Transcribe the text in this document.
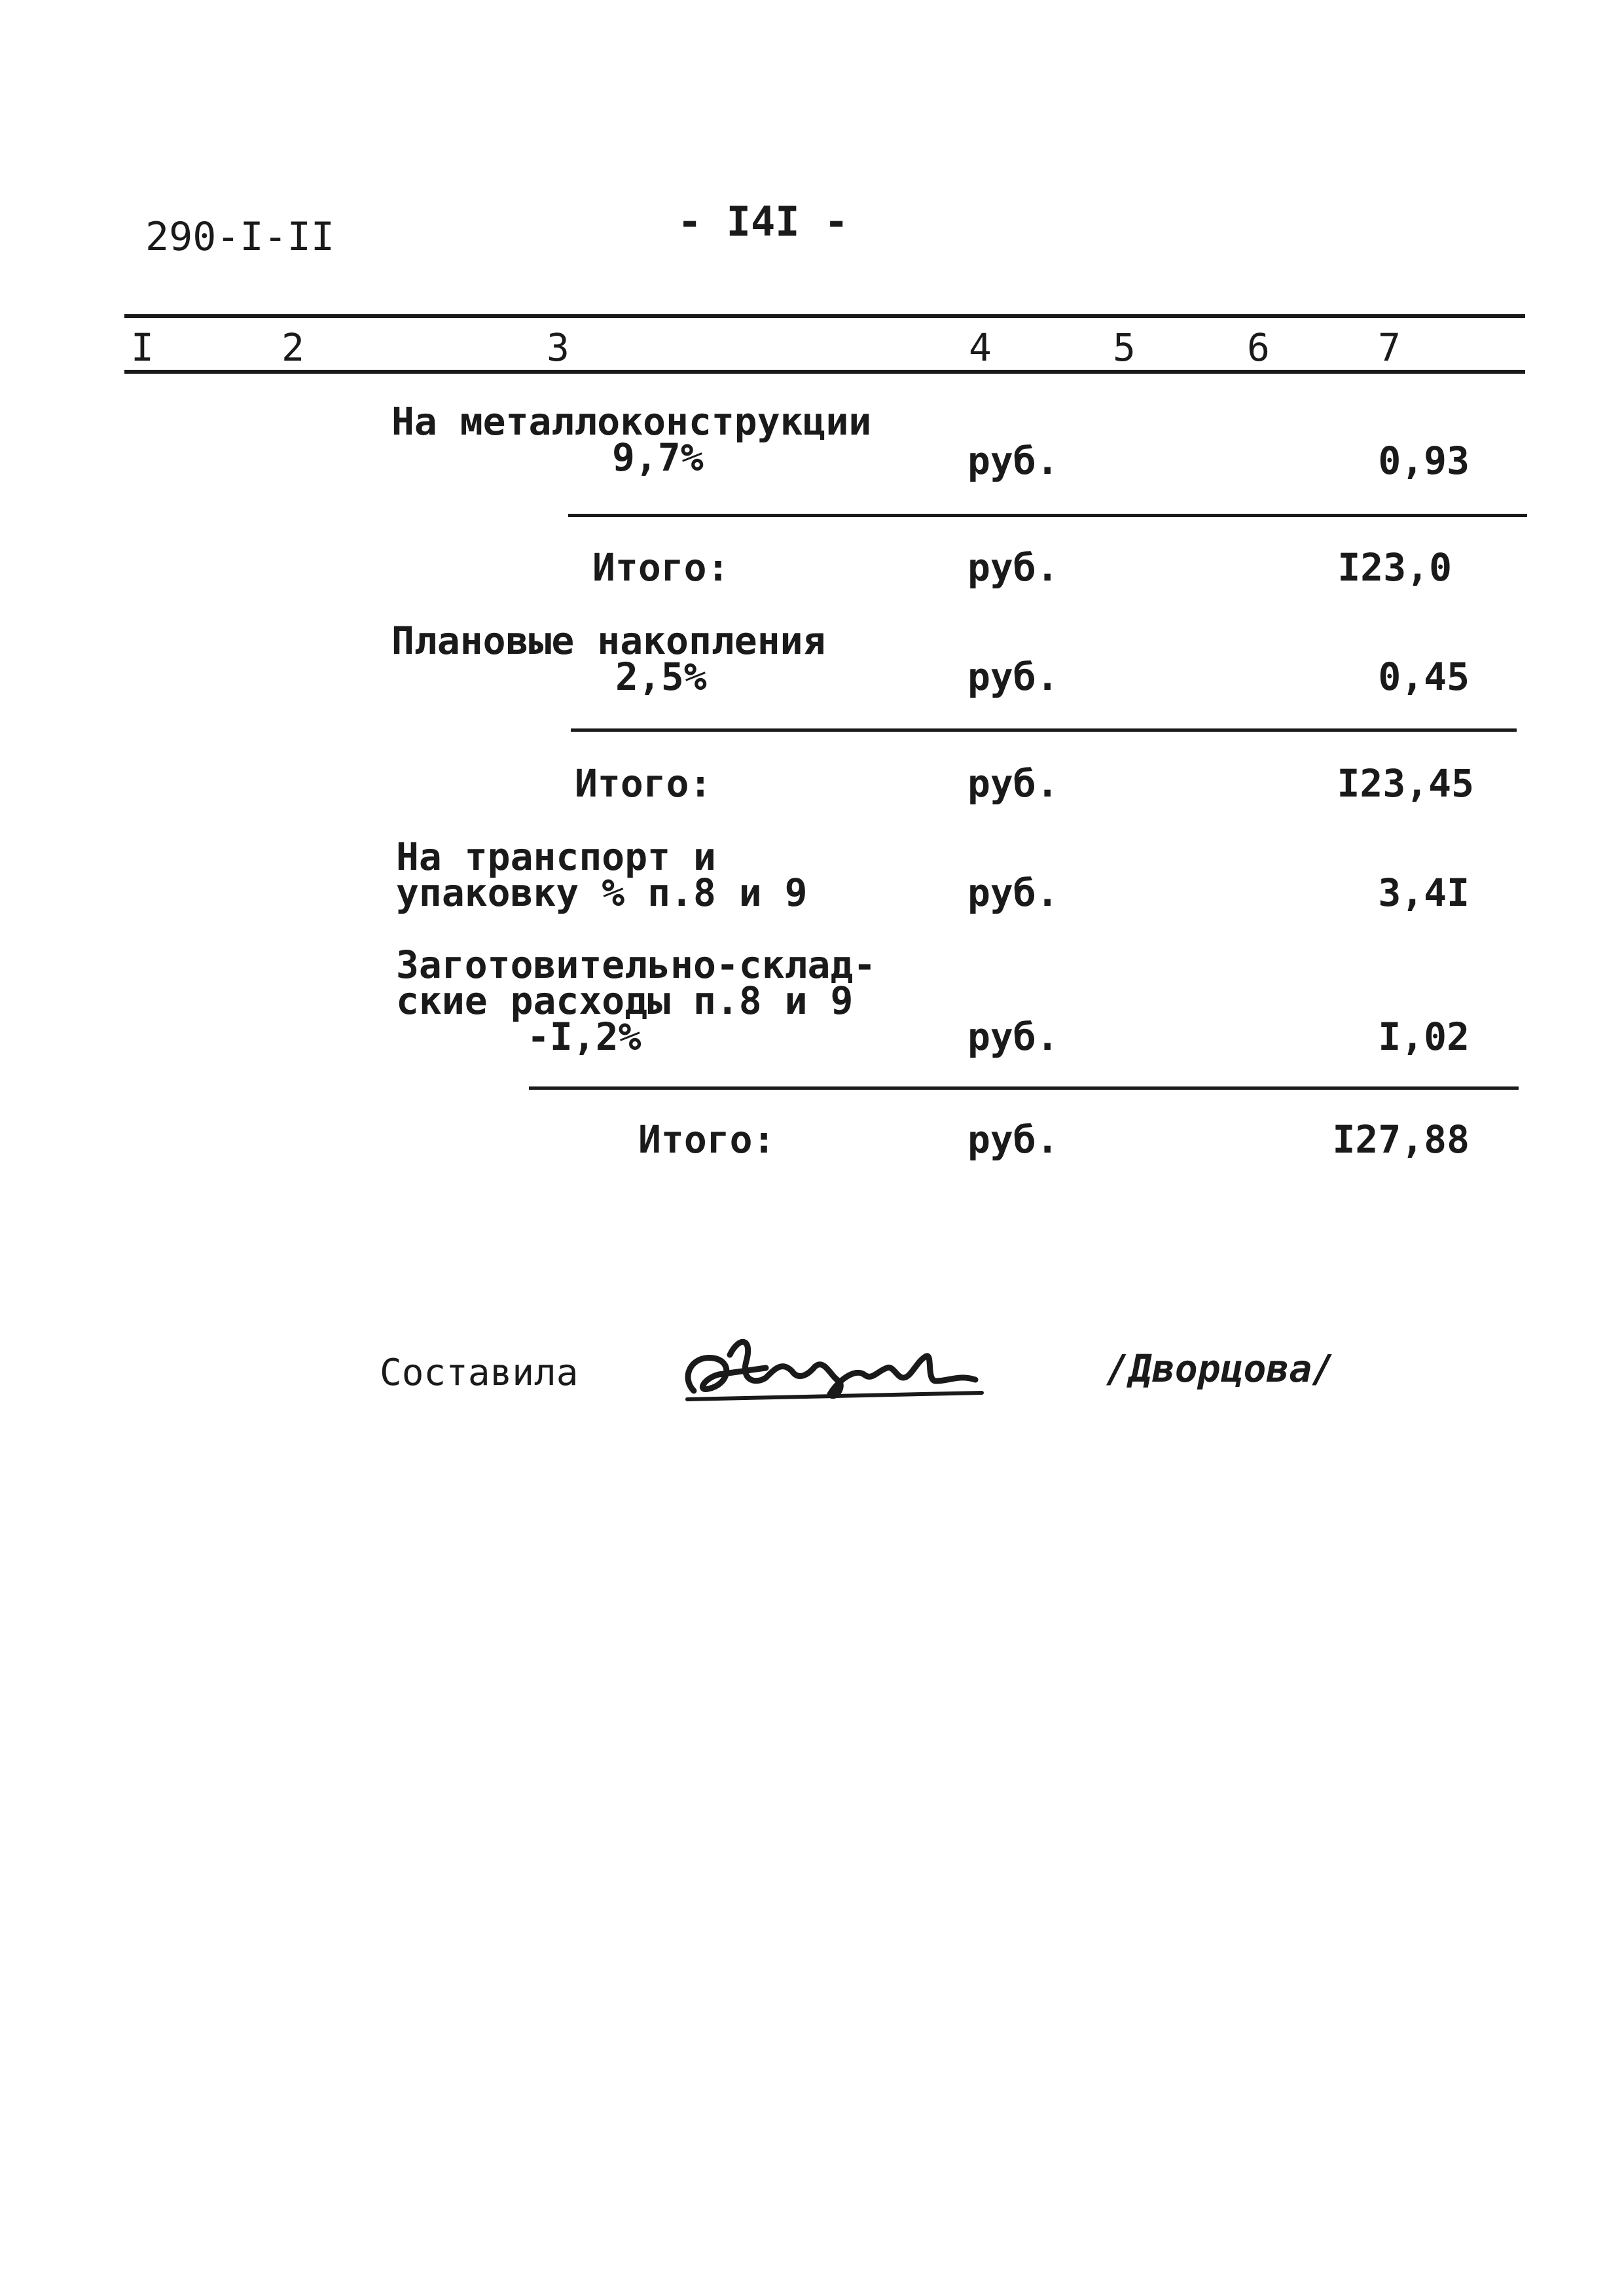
290-I-II	- I4I -
I	2	3	4	5	6	7
На металлоконструкции
9,7%	руб.	0,93
Итого:	руб.	I23,0
Плановые накопления
2,5%	руб.	0,45
Итого:	руб.	I23,45
На транспорт и
упаковку % п.8 и 9	руб.	3,4I
Заготовительно-склад-
ские расходы п.8 и 9
-I,2%	руб.	I,02
Итого:	руб.	I27,88
Составила	/Дворцова/
